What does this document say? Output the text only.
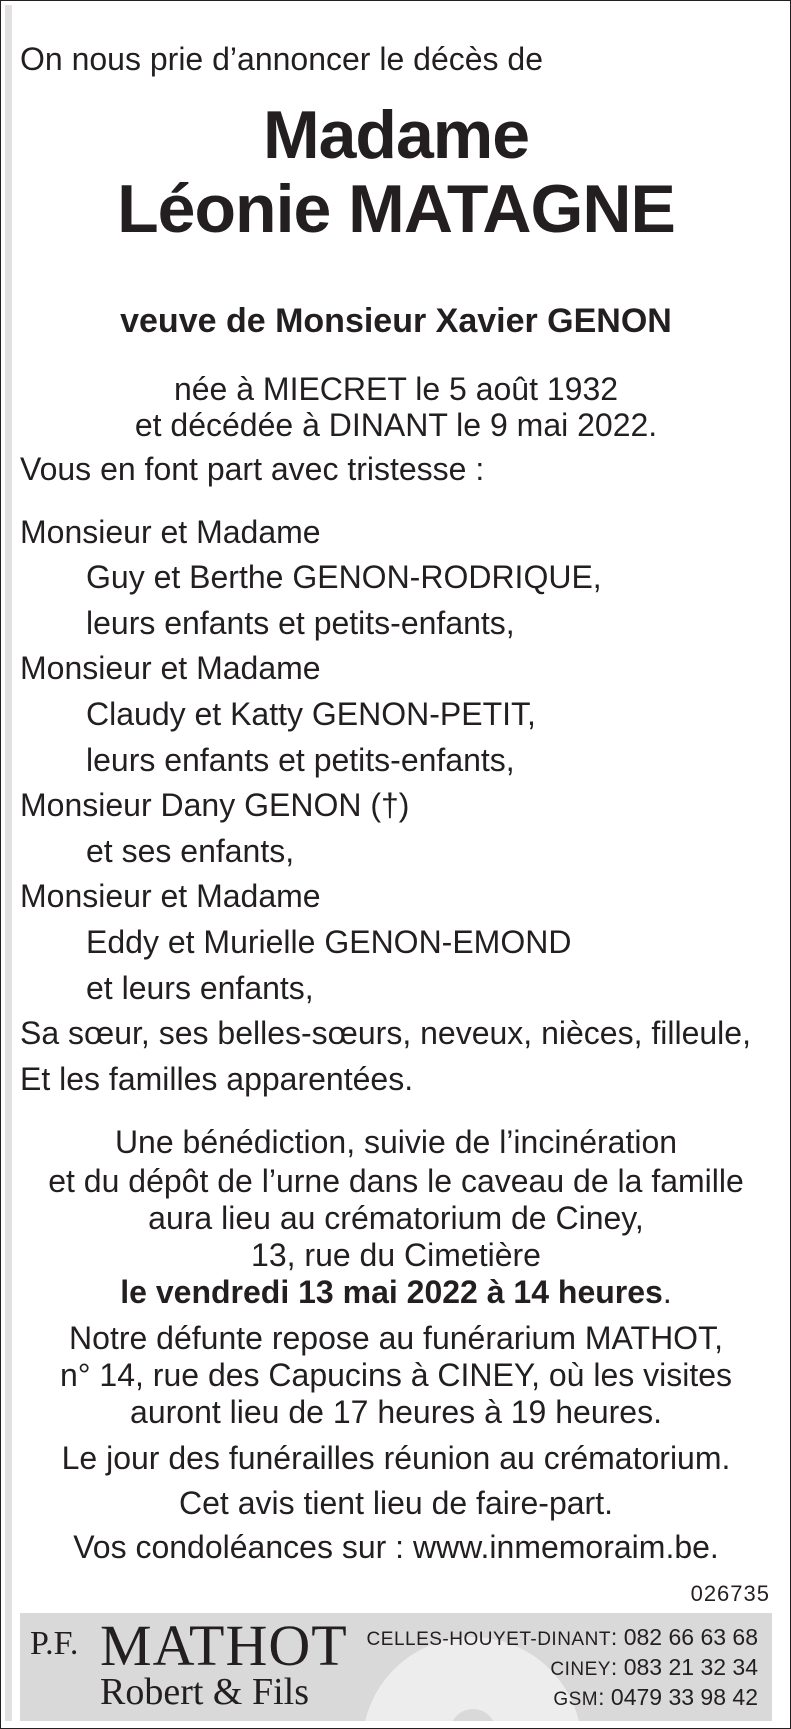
On nous prie d’annoncer le décès de
Madame
Léonie MATAGNE
veuve de Monsieur Xavier GENON
née à MIECRET le 5 août 1932
et décédée à DINANT le 9 mai 2022.
Vous en font part avec tristesse :
Monsieur et Madame
Guy et Berthe GENON-RODRIQUE,
leurs enfants et petits-enfants,
Monsieur et Madame
Claudy et Katty GENON-PETIT,
leurs enfants et petits-enfants,
Monsieur Dany GENON (†)
et ses enfants,
Monsieur et Madame
Eddy et Murielle GENON-EMOND
et leurs enfants,
Sa sœur, ses belles-sœurs, neveux, nièces, filleule,
Et les familles apparentées.
Une bénédiction, suivie de l’incinération
et du dépôt de l’urne dans le caveau de la famille
aura lieu au crématorium de Ciney,
13, rue du Cimetière
le vendredi 13 mai 2022 à 14 heures.
Notre défunte repose au funérarium MATHOT,
n° 14, rue des Capucins à CINEY, où les visites
auront lieu de 17 heures à 19 heures.
Le jour des funérailles réunion au crématorium.
Cet avis tient lieu de faire-part.
Vos condoléances sur : www.inmemoraim.be.
026735
P.F. MATHOT
Robert & Fils
CELLES-HOUYET-DINANT: 082 66 63 68
CINEY: 083 21 32 34
GSM: 0479 33 98 42
